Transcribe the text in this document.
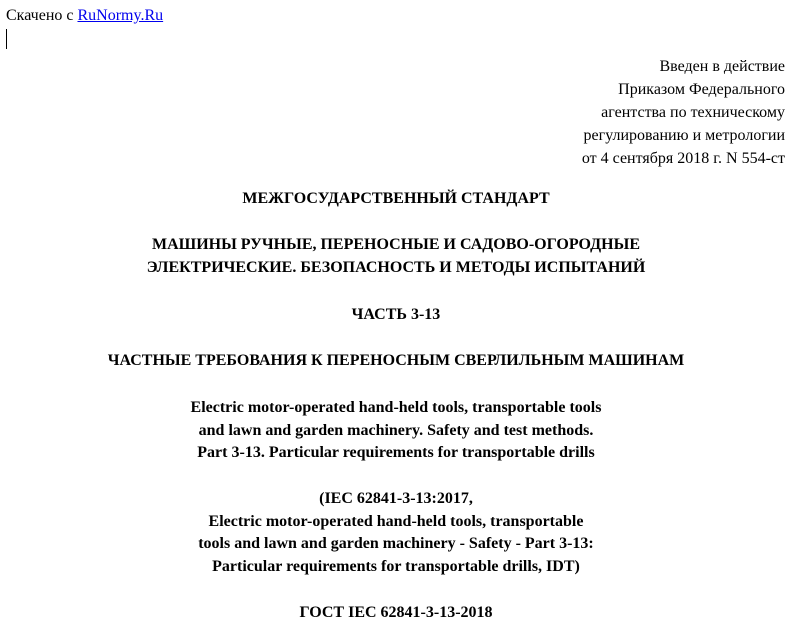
Скачено с RuNormy.Ru
Введен в действие
Приказом Федерального
агентства по техническому
регулированию и метрологии
от 4 сентября 2018 г. N 554-ст
МЕЖГОСУДАРСТВЕННЫЙ СТАНДАРТ
МАШИНЫ РУЧНЫЕ, ПЕРЕНОСНЫЕ И САДОВО-ОГОРОДНЫЕ
ЭЛЕКТРИЧЕСКИЕ. БЕЗОПАСНОСТЬ И МЕТОДЫ ИСПЫТАНИЙ
ЧАСТЬ 3-13
ЧАСТНЫЕ ТРЕБОВАНИЯ К ПЕРЕНОСНЫМ СВЕРЛИЛЬНЫМ МАШИНАМ
Electric motor-operated hand-held tools, transportable tools
and lawn and garden machinery. Safety and test methods.
Part 3-13. Particular requirements for transportable drills
(IEC 62841-3-13:2017,
Electric motor-operated hand-held tools, transportable
tools and lawn and garden machinery - Safety - Part 3-13:
Particular requirements for transportable drills, IDT)
ГОСТ IEC 62841-3-13-2018
